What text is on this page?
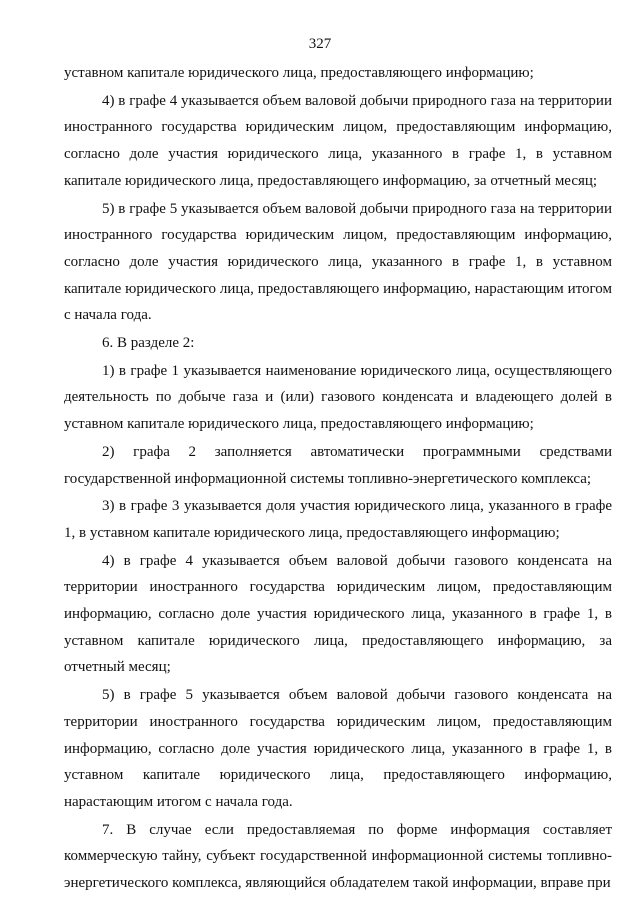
327

уставном капитале юридического лица, предоставляющего информацию;

4) в графе 4 указывается объем валовой добычи природного газа на территории иностранного государства юридическим лицом, предоставляющим информацию, согласно доле участия юридического лица, указанного в графе 1, в уставном капитале юридического лица, предоставляющего информацию, за отчетный месяц;

5) в графе 5 указывается объем валовой добычи природного газа на территории иностранного государства юридическим лицом, предоставляющим информацию, согласно доле участия юридического лица, указанного в графе 1, в уставном капитале юридического лица, предоставляющего информацию, нарастающим итогом с начала года.

6. В разделе 2:

1) в графе 1 указывается наименование юридического лица, осуществляющего деятельность по добыче газа и (или) газового конденсата и владеющего долей в уставном капитале юридического лица, предоставляющего информацию;

2) графа 2 заполняется автоматически программными средствами государственной информационной системы топливно-энергетического комплекса;

3) в графе 3 указывается доля участия юридического лица, указанного в графе 1, в уставном капитале юридического лица, предоставляющего информацию;

4) в графе 4 указывается объем валовой добычи газового конденсата на территории иностранного государства юридическим лицом, предоставляющим информацию, согласно доле участия юридического лица, указанного в графе 1, в уставном капитале юридического лица, предоставляющего информацию, за отчетный месяц;

5) в графе 5 указывается объем валовой добычи газового конденсата на территории иностранного государства юридическим лицом, предоставляющим информацию, согласно доле участия юридического лица, указанного в графе 1, в уставном капитале юридического лица, предоставляющего информацию, нарастающим итогом с начала года.

7. В случае если предоставляемая по форме информация составляет коммерческую тайну, субъект государственной информационной системы топливно-энергетического комплекса, являющийся обладателем такой информации, вправе при
